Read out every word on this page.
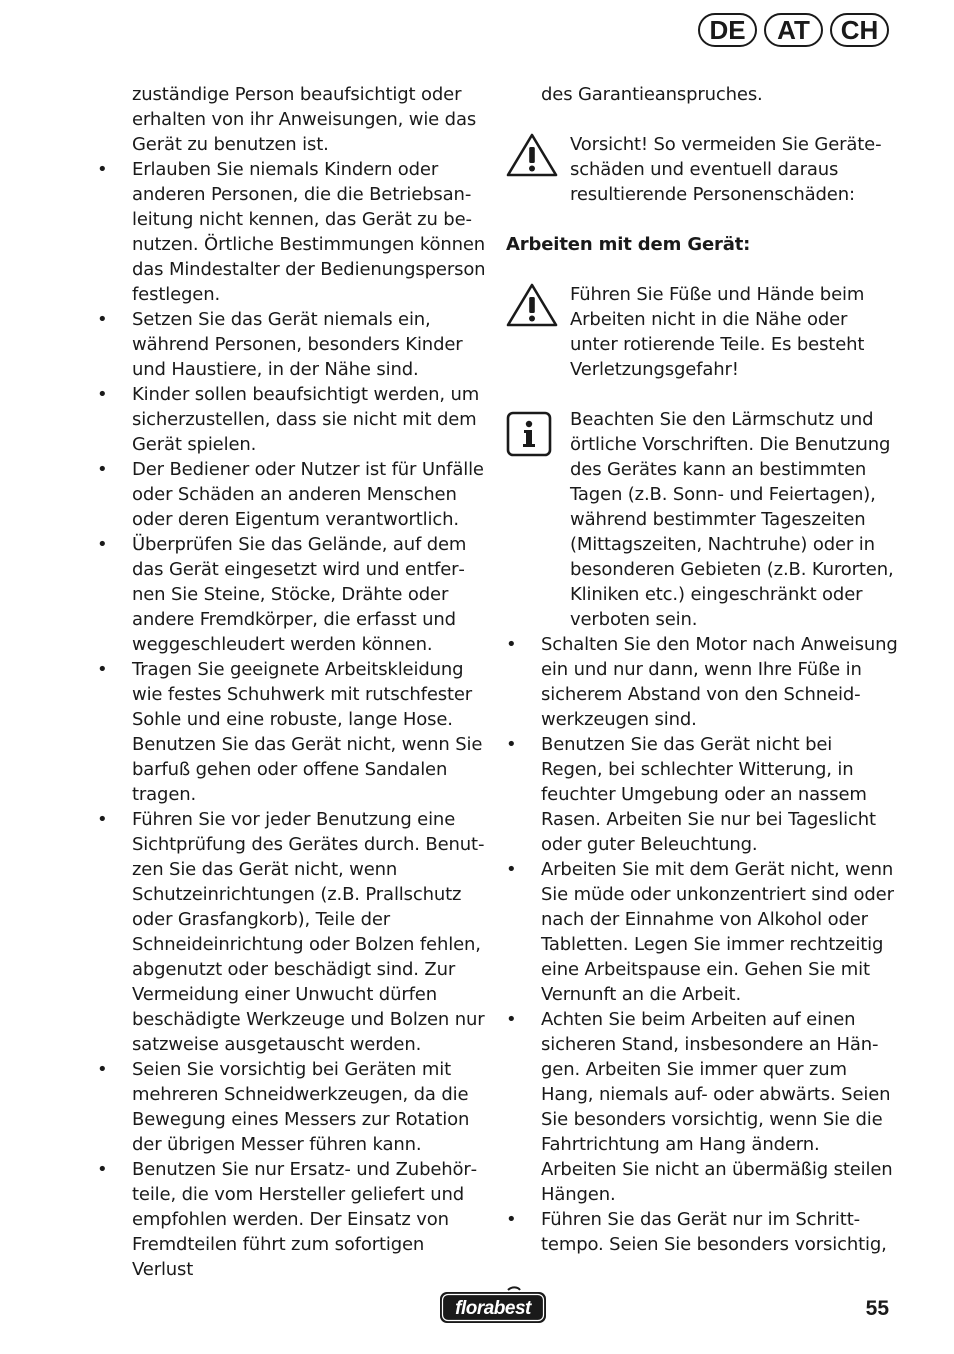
DE	AT	CH

zuständige Person beaufsichtigt oder erhalten von ihr Anweisungen, wie das Gerät zu benutzen ist.

• Erlauben Sie niemals Kindern oder anderen Personen, die die Betriebsanleitung nicht kennen, das Gerät zu benutzen. Örtliche Bestimmungen können das Mindestalter der Bedienungsperson festlegen.
• Setzen Sie das Gerät niemals ein, während Personen, besonders Kinder und Haustiere, in der Nähe sind.
• Kinder sollen beaufsichtigt werden, um sicherzustellen, dass sie nicht mit dem Gerät spielen.
• Der Bediener oder Nutzer ist für Unfälle oder Schäden an anderen Menschen oder deren Eigentum verantwortlich.
• Überprüfen Sie das Gelände, auf dem das Gerät eingesetzt wird und entfernen Sie Steine, Stöcke, Drähte oder andere Fremdkörper, die erfasst und weggeschleudert werden können.
• Tragen Sie geeignete Arbeitskleidung wie festes Schuhwerk mit rutschfester Sohle und eine robuste, lange Hose. Benutzen Sie das Gerät nicht, wenn Sie barfuß gehen oder offene Sandalen tragen.
• Führen Sie vor jeder Benutzung eine Sichtprüfung des Gerätes durch. Benutzen Sie das Gerät nicht, wenn Schutzeinrichtungen (z.B. Prallschutz oder Grasfangkorb), Teile der Schneideinrichtung oder Bolzen fehlen, abgenutzt oder beschädigt sind. Zur Vermeidung einer Unwucht dürfen beschädigte Werkzeuge und Bolzen nur satzweise ausgetauscht werden.
• Seien Sie vorsichtig bei Geräten mit mehreren Schneidwerkzeugen, da die Bewegung eines Messers zur Rotation der übrigen Messer führen kann.
• Benutzen Sie nur Ersatz- und Zubehörteile, die vom Hersteller geliefert und empfohlen werden. Der Einsatz von Fremdteilen führt zum sofortigen Verlust

des Garantieanspruches.

Vorsicht! So vermeiden Sie Geräteschäden und eventuell daraus resultierende Personenschäden:

Arbeiten mit dem Gerät:

Führen Sie Füße und Hände beim Arbeiten nicht in die Nähe oder unter rotierende Teile. Es besteht Verletzungsgefahr!

Beachten Sie den Lärmschutz und örtliche Vorschriften. Die Benutzung des Gerätes kann an bestimmten Tagen (z.B. Sonn- und Feiertagen), während bestimmter Tageszeiten (Mittagszeiten, Nachtruhe) oder in besonderen Gebieten (z.B. Kurorten, Kliniken etc.) eingeschränkt oder verboten sein.

• Schalten Sie den Motor nach Anweisung ein und nur dann, wenn Ihre Füße in sicherem Abstand von den Schneidwerkzeugen sind.
• Benutzen Sie das Gerät nicht bei Regen, bei schlechter Witterung, in feuchter Umgebung oder an nassem Rasen. Arbeiten Sie nur bei Tageslicht oder guter Beleuchtung.
• Arbeiten Sie mit dem Gerät nicht, wenn Sie müde oder unkonzentriert sind oder nach der Einnahme von Alkohol oder Tabletten. Legen Sie immer rechtzeitig eine Arbeitspause ein. Gehen Sie mit Vernunft an die Arbeit.
• Achten Sie beim Arbeiten auf einen sicheren Stand, insbesondere an Hängen. Arbeiten Sie immer quer zum Hang, niemals auf- oder abwärts. Seien Sie besonders vorsichtig, wenn Sie die Fahrtrichtung am Hang ändern. Arbeiten Sie nicht an übermäßig steilen Hängen.
• Führen Sie das Gerät nur im Schritttempo. Seien Sie besonders vorsichtig,
florabest	55
